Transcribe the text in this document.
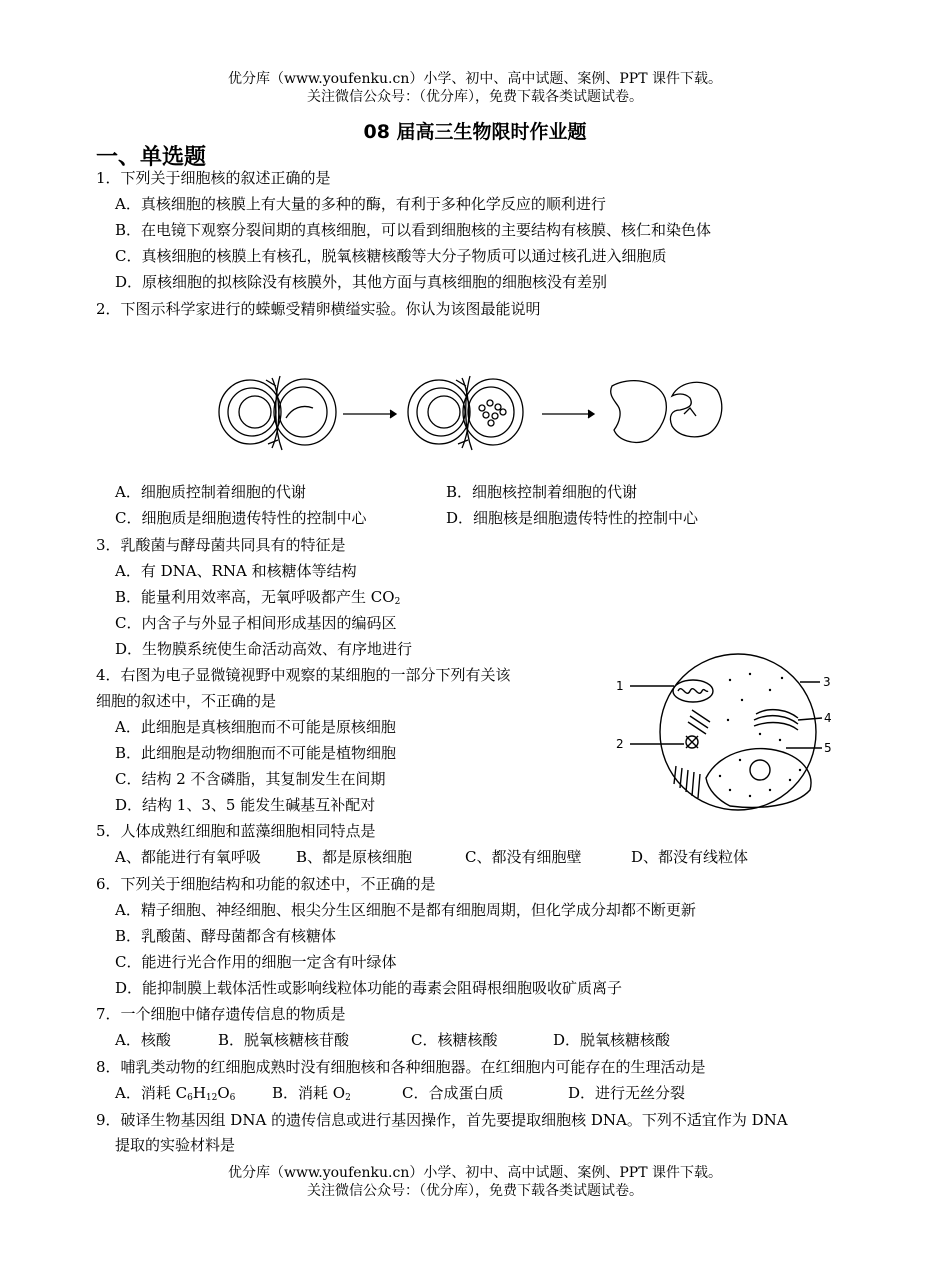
优分库（www.youfenku.cn）小学、初中、高中试题、案例、PPT 课件下载。
关注微信公众号：（优分库），免费下载各类试题试卷。
08 届高三生物限时作业题
一、单选题
1．下列关于细胞核的叙述正确的是
A．真核细胞的核膜上有大量的多种的酶，有利于多种化学反应的顺利进行
B．在电镜下观察分裂间期的真核细胞，可以看到细胞核的主要结构有核膜、核仁和染色体
C．真核细胞的核膜上有核孔，脱氧核糖核酸等大分子物质可以通过核孔进入细胞质
D．原核细胞的拟核除没有核膜外，其他方面与真核细胞的细胞核没有差别
2．下图示科学家进行的蝾螈受精卵横缢实验。你认为该图最能说明
A．细胞质控制着细胞的代谢	B．细胞核控制着细胞的代谢
C．细胞质是细胞遗传特性的控制中心	D．细胞核是细胞遗传特性的控制中心
3．乳酸菌与酵母菌共同具有的特征是
A．有 DNA、RNA 和核糖体等结构
B．能量利用效率高，无氧呼吸都产生 $CO_2$
C．内含子与外显子相间形成基因的编码区
D．生物膜系统使生命活动高效、有序地进行
4．右图为电子显微镜视野中观察的某细胞的一部分下列有关该
细胞的叙述中，不正确的是
A．此细胞是真核细胞而不可能是原核细胞
B．此细胞是动物细胞而不可能是植物细胞
C．结构 2 不含磷脂，其复制发生在间期
D．结构 1、3、5 能发生碱基互补配对
1
2
3
4
5
5．人体成熟红细胞和蓝藻细胞相同特点是
A、都能进行有氧呼吸 B、都是原核细胞	C、都没有细胞壁	D、都没有线粒体
6．下列关于细胞结构和功能的叙述中，不正确的是
A．精子细胞、神经细胞、根尖分生区细胞不是都有细胞周期，但化学成分却都不断更新
B．乳酸菌、酵母菌都含有核糖体
C．能进行光合作用的细胞一定含有叶绿体
D．能抑制膜上载体活性或影响线粒体功能的毒素会阻碍根细胞吸收矿质离子
7．一个细胞中储存遗传信息的物质是
A．核酸	B．脱氧核糖核苷酸	C．核糖核酸	D．脱氧核糖核酸
8．哺乳类动物的红细胞成熟时没有细胞核和各种细胞器。在红细胞内可能存在的生理活动是
A．消耗 $C_6H_{12}O_6$ B．消耗 $O_2$	C．合成蛋白质	D．进行无丝分裂
9．破译生物基因组 DNA 的遗传信息或进行基因操作，首先要提取细胞核 DNA。下列不适宜作为 DNA
提取的实验材料是
优分库（www.youfenku.cn）小学、初中、高中试题、案例、PPT 课件下载。
关注微信公众号：（优分库），免费下载各类试题试卷。
